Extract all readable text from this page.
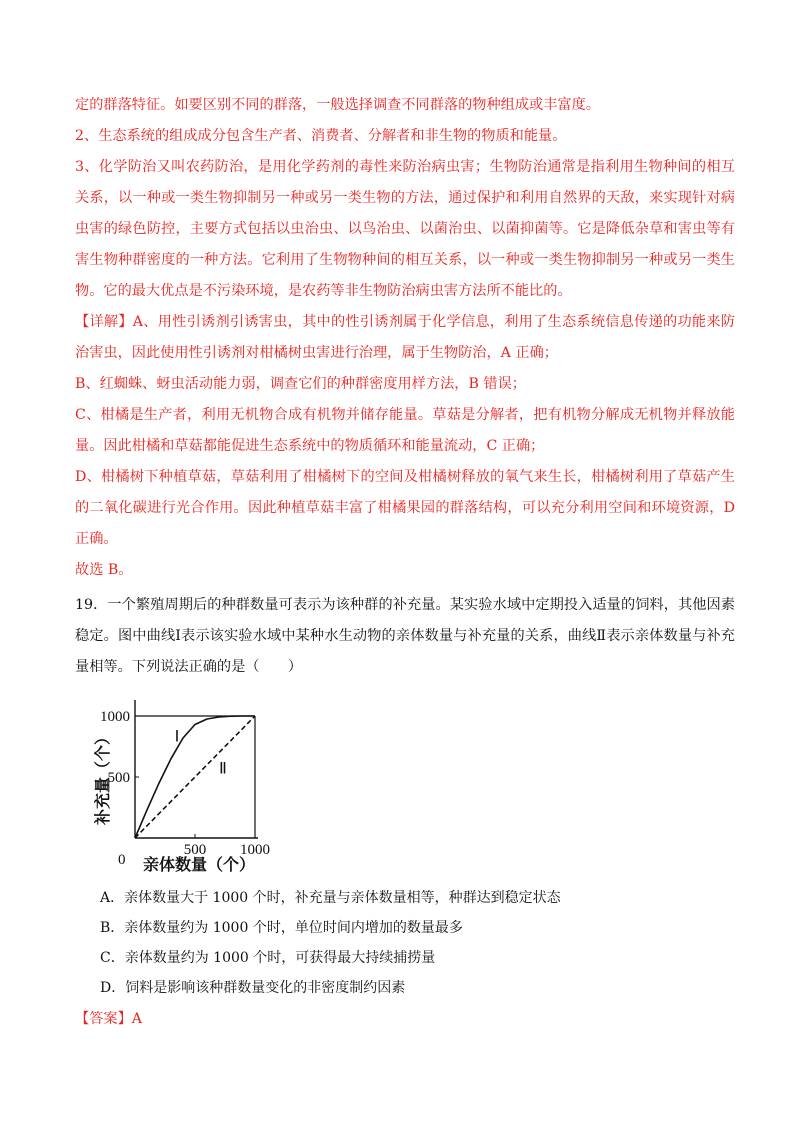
定的群落特征。如要区别不同的群落，一般选择调查不同群落的物种组成或丰富度。

2、生态系统的组成成分包含生产者、消费者、分解者和非生物的物质和能量。

3、化学防治又叫农药防治，是用化学药剂的毒性来防治病虫害；生物防治通常是指利用生物种间的相互关系，以一种或一类生物抑制另一种或另一类生物的方法，通过保护和利用自然界的天敌，来实现针对病虫害的绿色防控，主要方式包括以虫治虫、以鸟治虫、以菌治虫、以菌抑菌等。它是降低杂草和害虫等有害生物种群密度的一种方法。它利用了生物物种间的相互关系，以一种或一类生物抑制另一种或另一类生物。它的最大优点是不污染环境，是农药等非生物防治病虫害方法所不能比的。

【详解】A、用性引诱剂引诱害虫，其中的性引诱剂属于化学信息，利用了生态系统信息传递的功能来防治害虫，因此使用性引诱剂对柑橘树虫害进行治理，属于生物防治，A 正确；

B、红蜘蛛、蚜虫活动能力弱，调查它们的种群密度用样方法，B 错误；

C、柑橘是生产者，利用无机物合成有机物并储存能量。草菇是分解者，把有机物分解成无机物并释放能量。因此柑橘和草菇都能促进生态系统中的物质循环和能量流动，C 正确；

D、柑橘树下种植草菇，草菇利用了柑橘树下的空间及柑橘树释放的氧气来生长，柑橘树利用了草菇产生的二氧化碳进行光合作用。因此种植草菇丰富了柑橘果园的群落结构，可以充分利用空间和环境资源，D 正确。

故选 B。

19．一个繁殖周期后的种群数量可表示为该种群的补充量。某实验水域中定期投入适量的饲料，其他因素稳定。图中曲线Ⅰ表示该实验水域中某种水生动物的亲体数量与补充量的关系，曲线Ⅱ表示亲体数量与补充量相等。下列说法正确的是（　　）

500
1000
500 1000
Ⅰ
Ⅱ
0 亲体数量（个）
补充量（个）
A．亲体数量大于 1000 个时，补充量与亲体数量相等，种群达到稳定状态
B．亲体数量约为 1000 个时，单位时间内增加的数量最多
C．亲体数量约为 1000 个时，可获得最大持续捕捞量
D．饲料是影响该种群数量变化的非密度制约因素
【答案】A
